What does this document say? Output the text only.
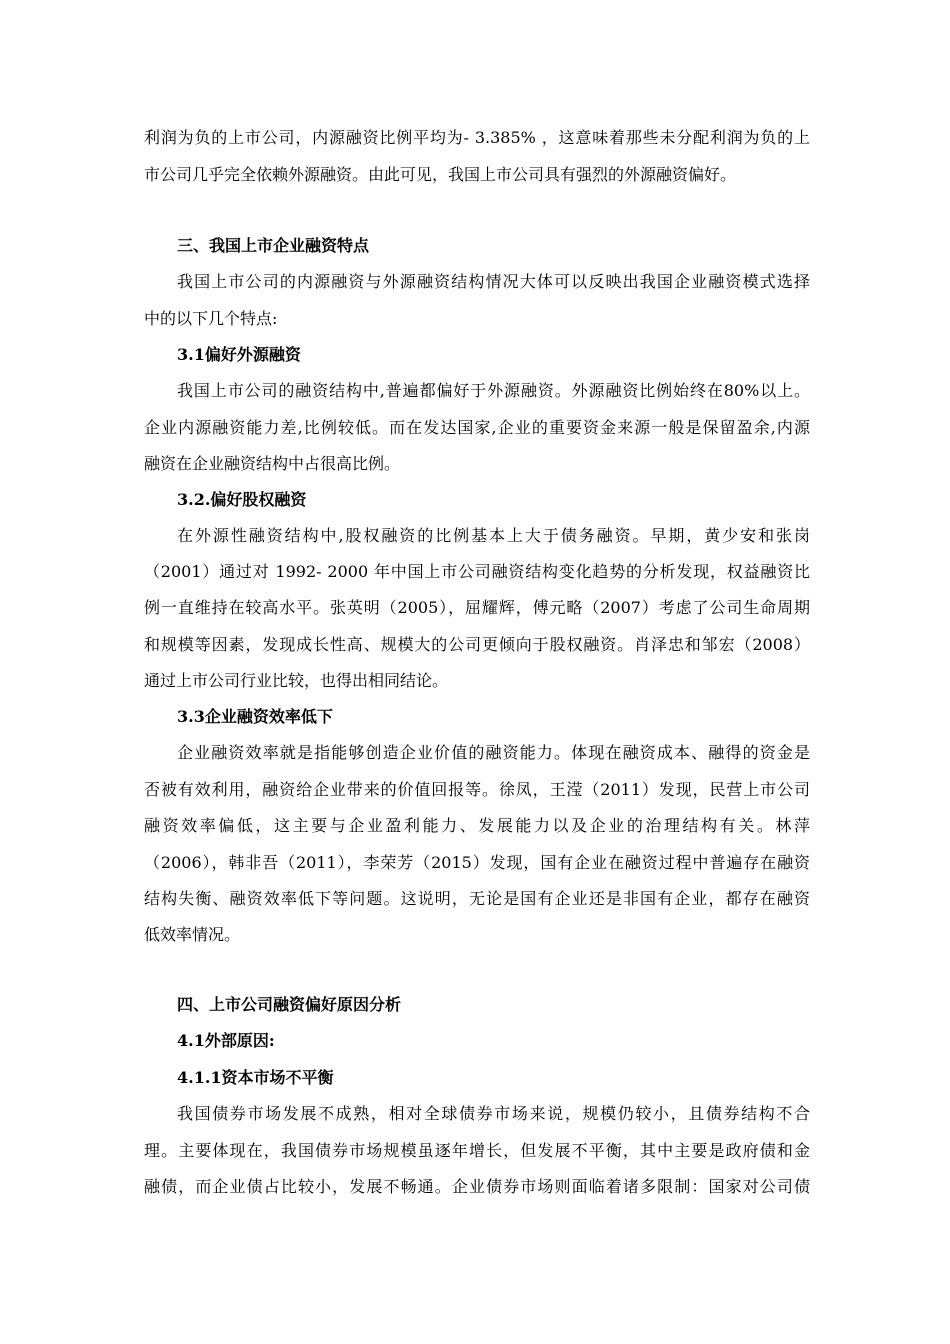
利润为负的上市公司，内源融资比例平均为- 3.385% ，这意味着那些未分配利润为负的上
市公司几乎完全依赖外源融资。由此可见，我国上市公司具有强烈的外源融资偏好。
三、我国上市企业融资特点
我国上市公司的内源融资与外源融资结构情况大体可以反映出我国企业融资模式选择
中的以下几个特点:
3.1偏好外源融资
我国上市公司的融资结构中,普遍都偏好于外源融资。外源融资比例始终在80%以上。
企业内源融资能力差,比例较低。而在发达国家,企业的重要资金来源一般是保留盈余,内源
融资在企业融资结构中占很高比例。
3.2.偏好股权融资
在外源性融资结构中,股权融资的比例基本上大于债务融资。早期，黄少安和张岗
（2001）通过对 1992- 2000 年中国上市公司融资结构变化趋势的分析发现，权益融资比
例一直维持在较高水平。张英明（2005），屈耀辉，傅元略（2007）考虑了公司生命周期
和规模等因素，发现成长性高、规模大的公司更倾向于股权融资。肖泽忠和邹宏（2008）
通过上市公司行业比较，也得出相同结论。
3.3企业融资效率低下
企业融资效率就是指能够创造企业价值的融资能力。体现在融资成本、融得的资金是
否被有效利用，融资给企业带来的价值回报等。徐凤，王滢（2011）发现，民营上市公司
融资效率偏低，这主要与企业盈利能力、发展能力以及企业的治理结构有关。林萍
（2006），韩非吾（2011），李荣芳（2015）发现，国有企业在融资过程中普遍存在融资
结构失衡、融资效率低下等问题。这说明，无论是国有企业还是非国有企业，都存在融资
低效率情况。
四、上市公司融资偏好原因分析
4.1外部原因:
4.1.1资本市场不平衡
我国债券市场发展不成熟，相对全球债券市场来说，规模仍较小，且债券结构不合
理。主要体现在，我国债券市场规模虽逐年增长，但发展不平衡，其中主要是政府债和金
融债，而企业债占比较小，发展不畅通。企业债券市场则面临着诸多限制：国家对公司债
